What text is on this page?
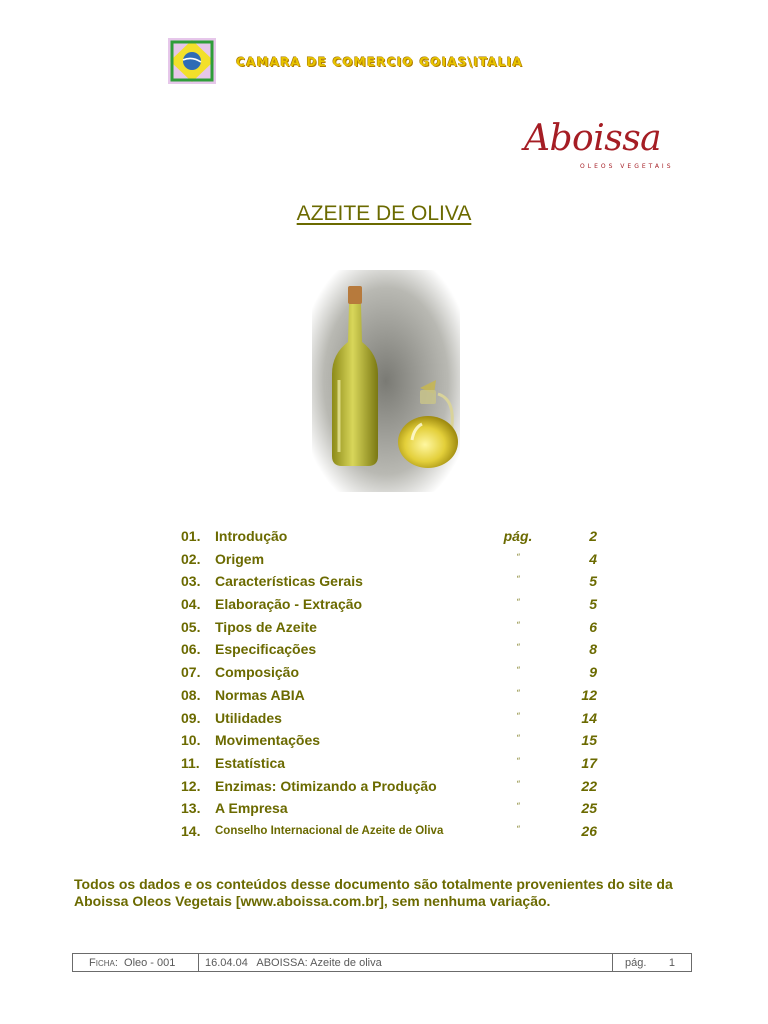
CAMARA DE COMERCIO GOIAS\ITALIA
Aboissa
OLEOS VEGETAIS
AZEITE DE OLIVA
01. Introdução	pág.	2
02. Origem	“	4
03. Características Gerais	“	5
04. Elaboração - Extração	“	5
05. Tipos de Azeite	“	6
06. Especificações	“	8
07. Composição	“	9
08. Normas ABIA	“	12
09. Utilidades	“	14
10. Movimentações	“	15
11. Estatística	“	17
12. Enzimas: Otimizando a Produção	“	22
13. A Empresa	“	25
14. Conselho Internacional de Azeite de Oliva	“	26
Todos os dados e os conteúdos desse documento são totalmente provenientes do site da Aboissa Oleos Vegetais [www.aboissa.com.br], sem nenhuma variação.
Ficha:
Oleo - 001	16.04.04   ABOISSA: Azeite de oliva	pág. 1
